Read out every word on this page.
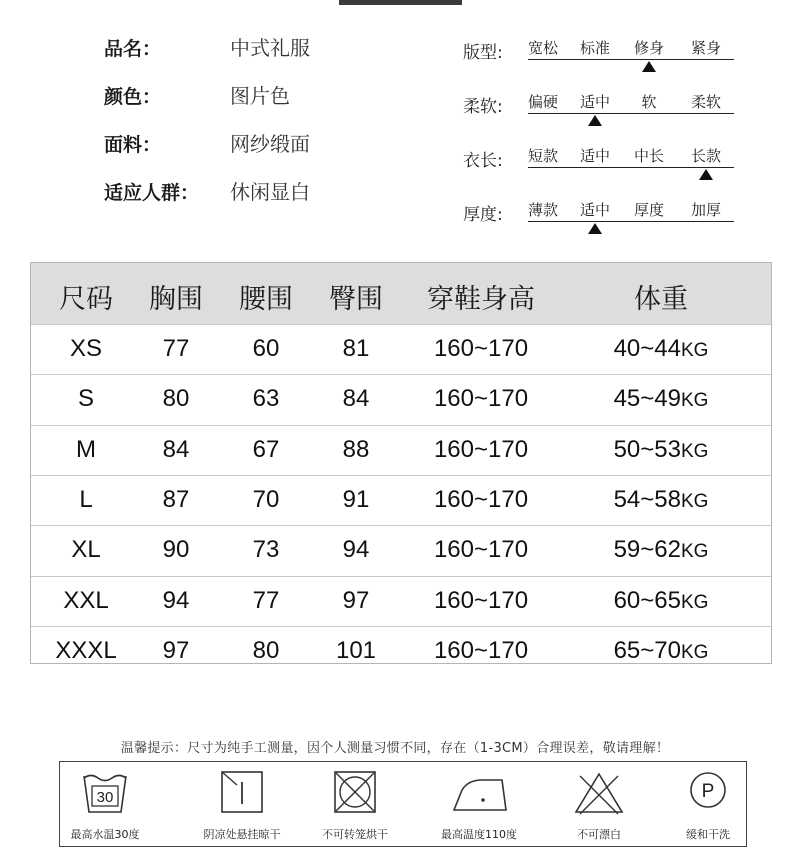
品名：	中式礼服
颜色：	图片色
面料：	网纱缎面
适应人群： 休闲显白
版型:	宽松	标准	修身	紧身
柔软:	偏硬	适中	软	柔软
衣长:	短款	适中	中长	长款
厚度:	薄款	适中	厚度	加厚
尺码	胸围	腰围	臀围	穿鞋身高	体重
XS	77	60	81	160~170	40~44KG
S	80	63	84	160~170	45~49KG
M	84	67	88	160~170	50~53KG
L	87	70	91	160~170	54~58KG
XL	90	73	94	160~170	59~62KG
XXL	94	77	97	160~170	60~65KG
XXXL	97	80	101	160~170	65~70KG
温馨提示：尺寸为纯手工测量，因个人测量习惯不同，存在（1-3CM）合理误差，敬请理解！
30
最高水温30度	阴凉处悬挂晾干	不可转笼烘干	最高温度110度	不可漂白
P
缓和干洗
